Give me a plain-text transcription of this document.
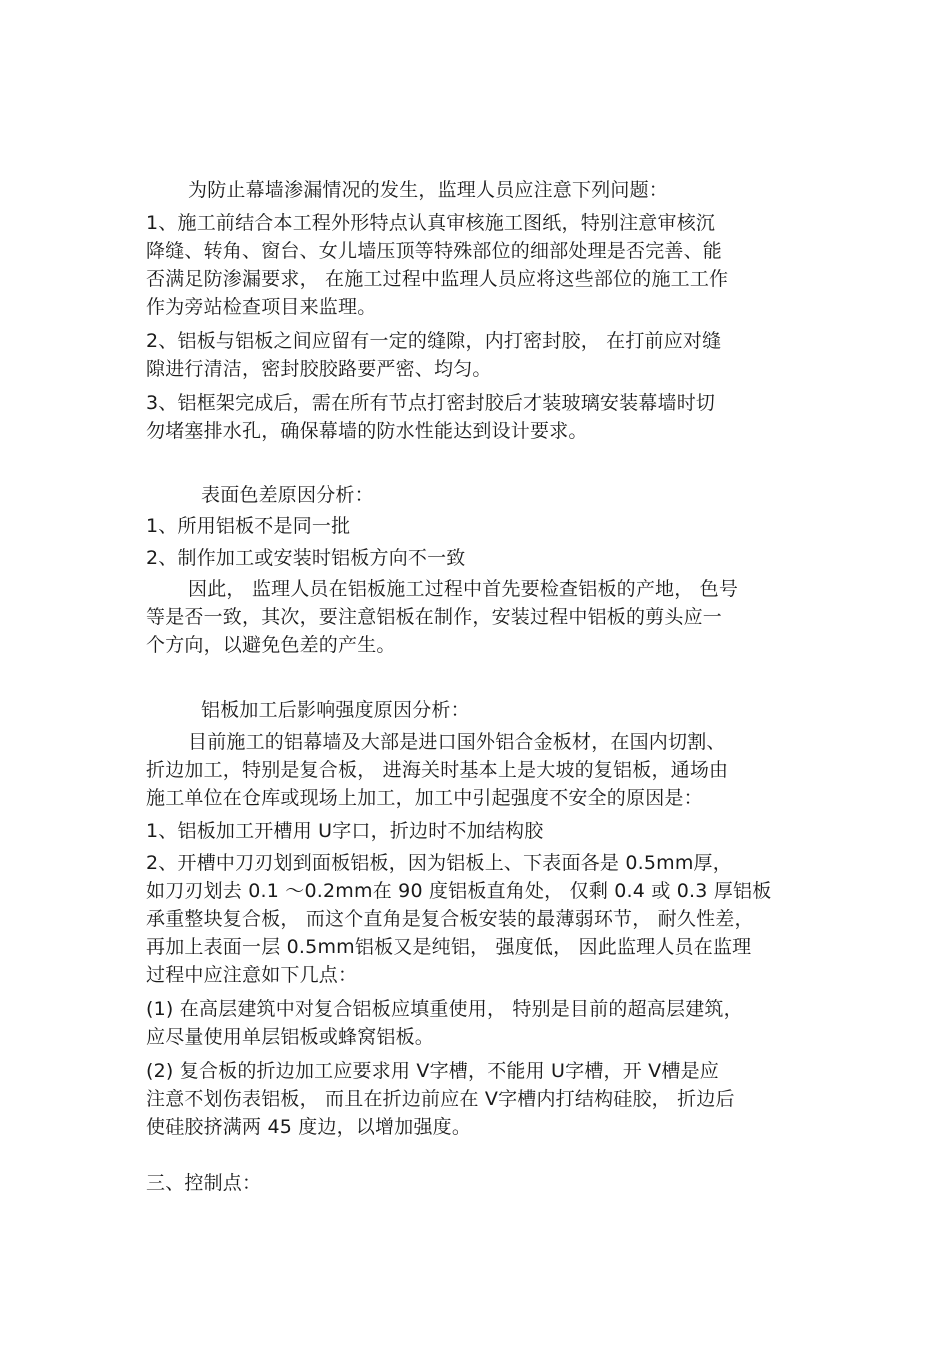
为防止幕墙渗漏情况的发生，监理人员应注意下列问题：
1、施工前结合本工程外形特点认真审核施工图纸，特别注意审核沉
降缝、转角、窗台、女儿墙压顶等特殊部位的细部处理是否完善、能
否满足防渗漏要求， 在施工过程中监理人员应将这些部位的施工工作
作为旁站检查项目来监理。
2、铝板与铝板之间应留有一定的缝隙，内打密封胶， 在打前应对缝
隙进行清洁，密封胶胶路要严密、均匀。
3、铝框架完成后，需在所有节点打密封胶后才装玻璃安装幕墙时切
勿堵塞排水孔，确保幕墙的防水性能达到设计要求。
表面色差原因分析：
1、所用铝板不是同一批
2、制作加工或安装时铝板方向不一致
因此， 监理人员在铝板施工过程中首先要检查铝板的产地， 色号
等是否一致，其次，要注意铝板在制作，安装过程中铝板的剪头应一
个方向，以避免色差的产生。
铝板加工后影响强度原因分析：
目前施工的铝幕墙及大部是进口国外铝合金板材，在国内切割、
折边加工，特别是复合板， 进海关时基本上是大坡的复铝板，通场由
施工单位在仓库或现场上加工，加工中引起强度不安全的原因是：
1、铝板加工开槽用 U字口，折边时不加结构胶
2、开槽中刀刃划到面板铝板，因为铝板上、下表面各是 0.5mm厚，
如刀刃划去 0.1 ～0.2mm在 90 度铝板直角处， 仅剩 0.4 或 0.3 厚铝板
承重整块复合板， 而这个直角是复合板安装的最薄弱环节， 耐久性差，
再加上表面一层 0.5mm铝板又是纯铝， 强度低， 因此监理人员在监理
过程中应注意如下几点：
(1) 在高层建筑中对复合铝板应填重使用， 特别是目前的超高层建筑，
应尽量使用单层铝板或蜂窝铝板。
(2) 复合板的折边加工应要求用 V字槽，不能用 U字槽，开 V槽是应
注意不划伤表铝板， 而且在折边前应在 V字槽内打结构硅胶， 折边后
使硅胶挤满两 45 度边，以增加强度。
三、控制点：
